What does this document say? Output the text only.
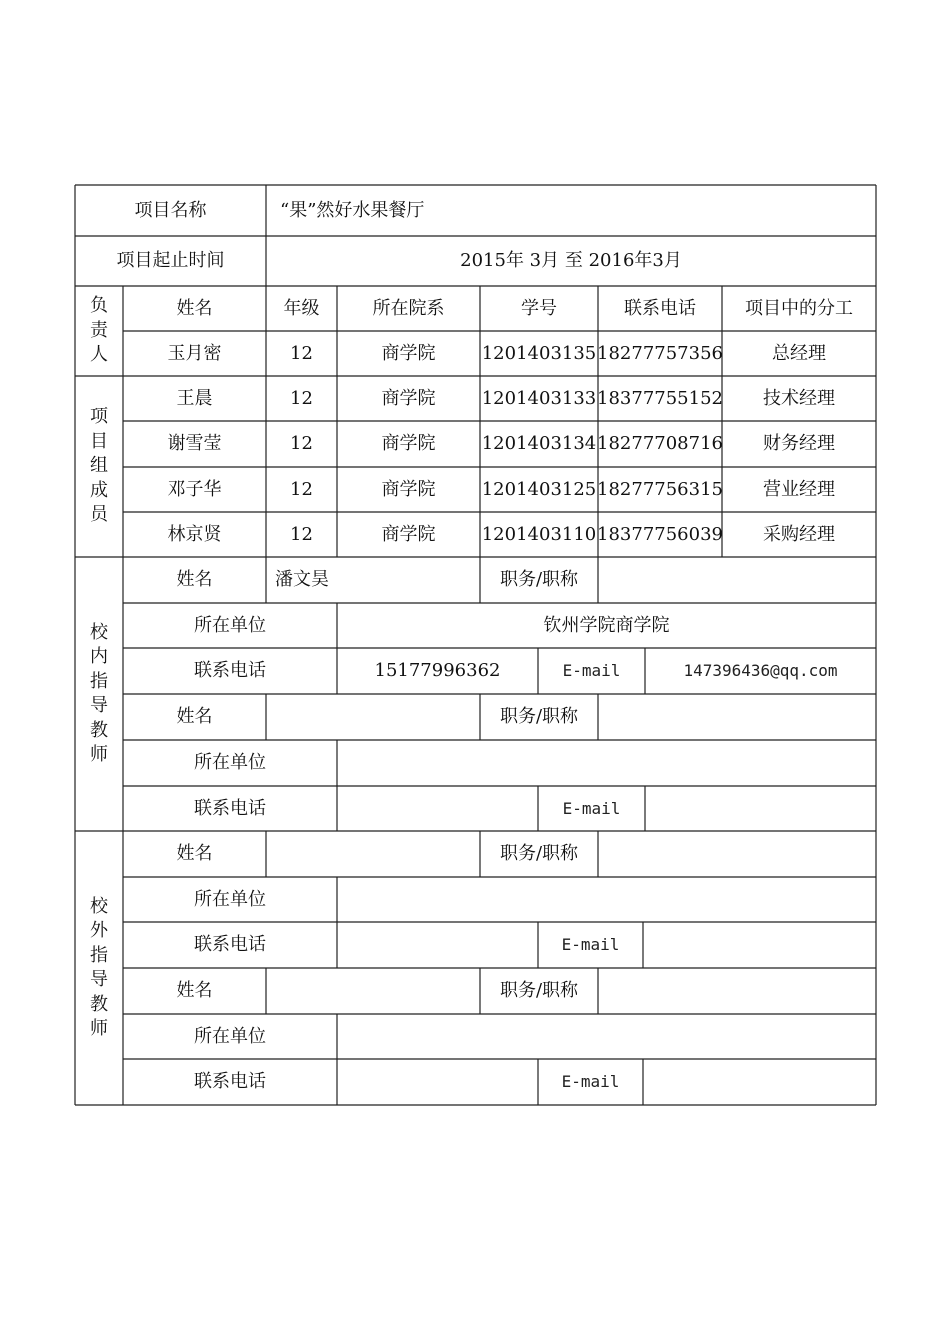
项目名称	“果”然好水果餐厅
项目起止时间	2015年 3月 至 2016年3月
负
责
人
姓名	年级	所在院系	学号	联系电话	项目中的分工
玉月密	12	商学院	1201403135 18277757356	总经理
项
目
组
成
员
王晨	12	商学院	1201403133 18377755152	技术经理
谢雪莹	12	商学院	1201403134 18277708716	财务经理
邓子华	12	商学院	1201403125 18277756315	营业经理
林京贤	12	商学院	1201403110 18377756039	采购经理
校
内
指
导
教
师
姓名	潘文昊	职务/职称
所在单位	钦州学院商学院
联系电话	15177996362	E-mail	147396436@qq.com
姓名	职务/职称
所在单位
联系电话	E-mail
校
外
指
导
教
师
姓名	职务/职称
所在单位
联系电话	E-mail
姓名	职务/职称
所在单位
联系电话	E-mail
